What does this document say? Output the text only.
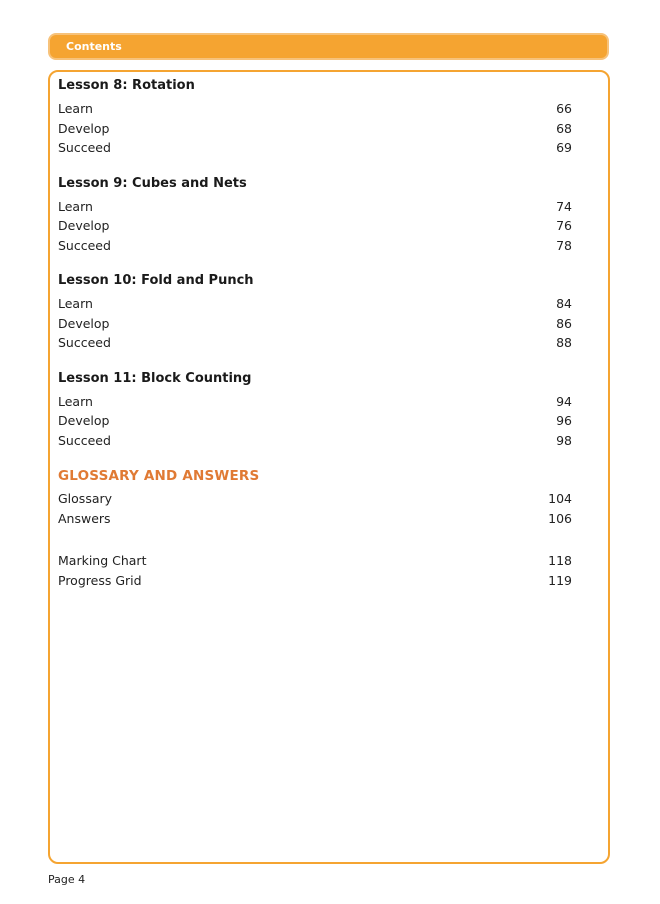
Contents
Lesson 8: Rotation
Learn	66
Develop	68
Succeed	69
Lesson 9: Cubes and Nets
Learn	74
Develop	76
Succeed	78
Lesson 10: Fold and Punch
Learn	84
Develop	86
Succeed	88
Lesson 11: Block Counting
Learn	94
Develop	96
Succeed	98
GLOSSARY AND ANSWERS
Glossary	104
Answers	106
Marking Chart	118
Progress Grid	119
Page 4
